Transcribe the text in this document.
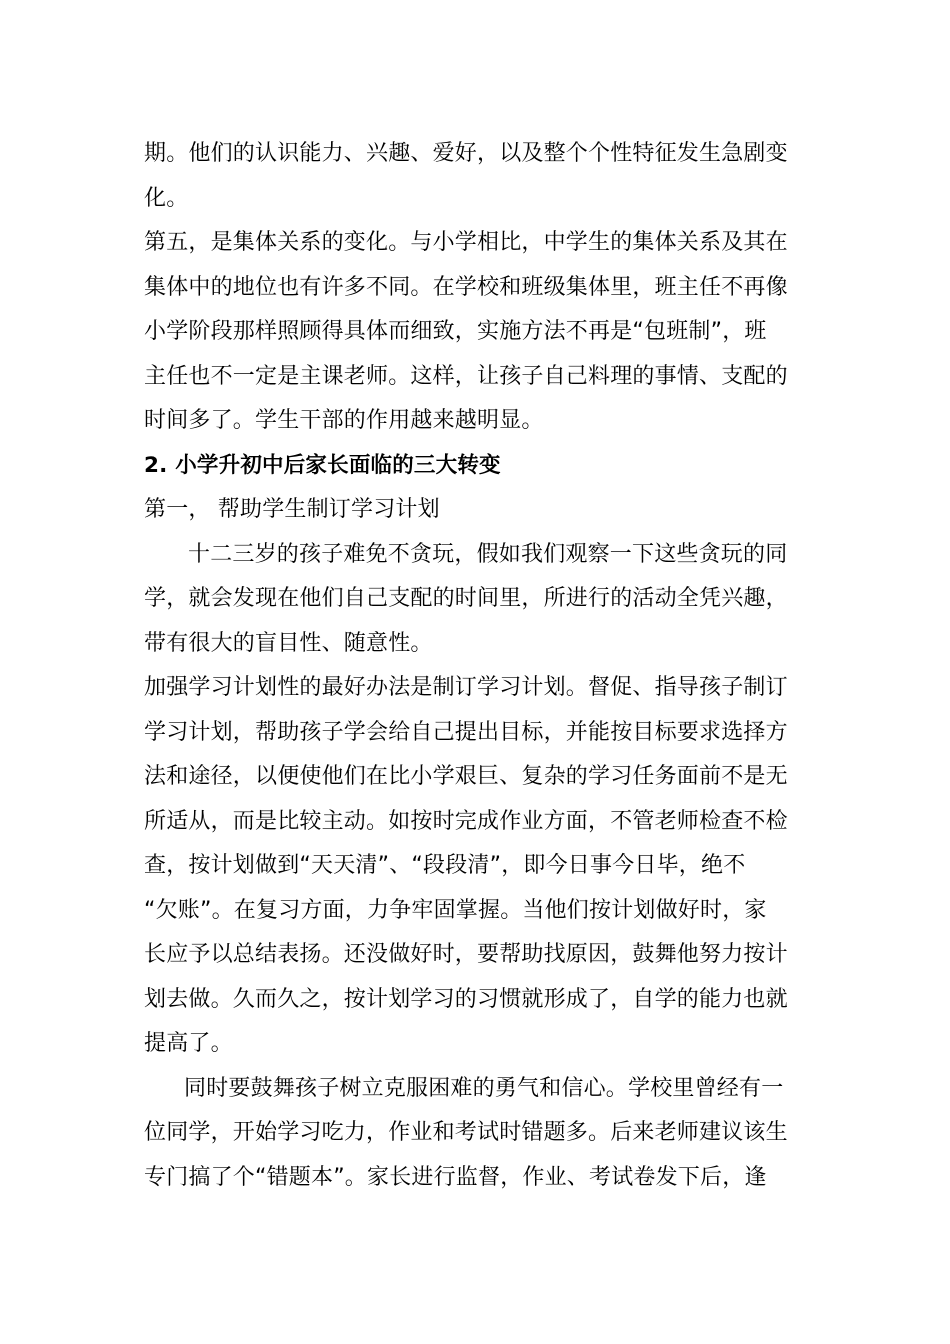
期。他们的认识能力、兴趣、爱好，以及整个个性特征发生急剧变
化。
第五，是集体关系的变化。与小学相比，中学生的集体关系及其在
集体中的地位也有许多不同。在学校和班级集体里，班主任不再像
小学阶段那样照顾得具体而细致，实施方法不再是“包班制”，班
主任也不一定是主课老师。这样，让孩子自己料理的事情、支配的
时间多了。学生干部的作用越来越明显。
2. 小学升初中后家长面临的三大转变
第一， 帮助学生制订学习计划
十二三岁的孩子难免不贪玩，假如我们观察一下这些贪玩的同
学，就会发现在他们自己支配的时间里，所进行的活动全凭兴趣，
带有很大的盲目性、随意性。
加强学习计划性的最好办法是制订学习计划。督促、指导孩子制订
学习计划，帮助孩子学会给自己提出目标，并能按目标要求选择方
法和途径，以便使他们在比小学艰巨、复杂的学习任务面前不是无
所适从，而是比较主动。如按时完成作业方面，不管老师检查不检
查，按计划做到“天天清”、“段段清”，即今日事今日毕，绝不
“欠账”。在复习方面，力争牢固掌握。当他们按计划做好时，家
长应予以总结表扬。还没做好时，要帮助找原因，鼓舞他努力按计
划去做。久而久之，按计划学习的习惯就形成了，自学的能力也就
提高了。
同时要鼓舞孩子树立克服困难的勇气和信心。学校里曾经有一
位同学，开始学习吃力，作业和考试时错题多。后来老师建议该生
专门搞了个“错题本”。家长进行监督，作业、考试卷发下后，逢
